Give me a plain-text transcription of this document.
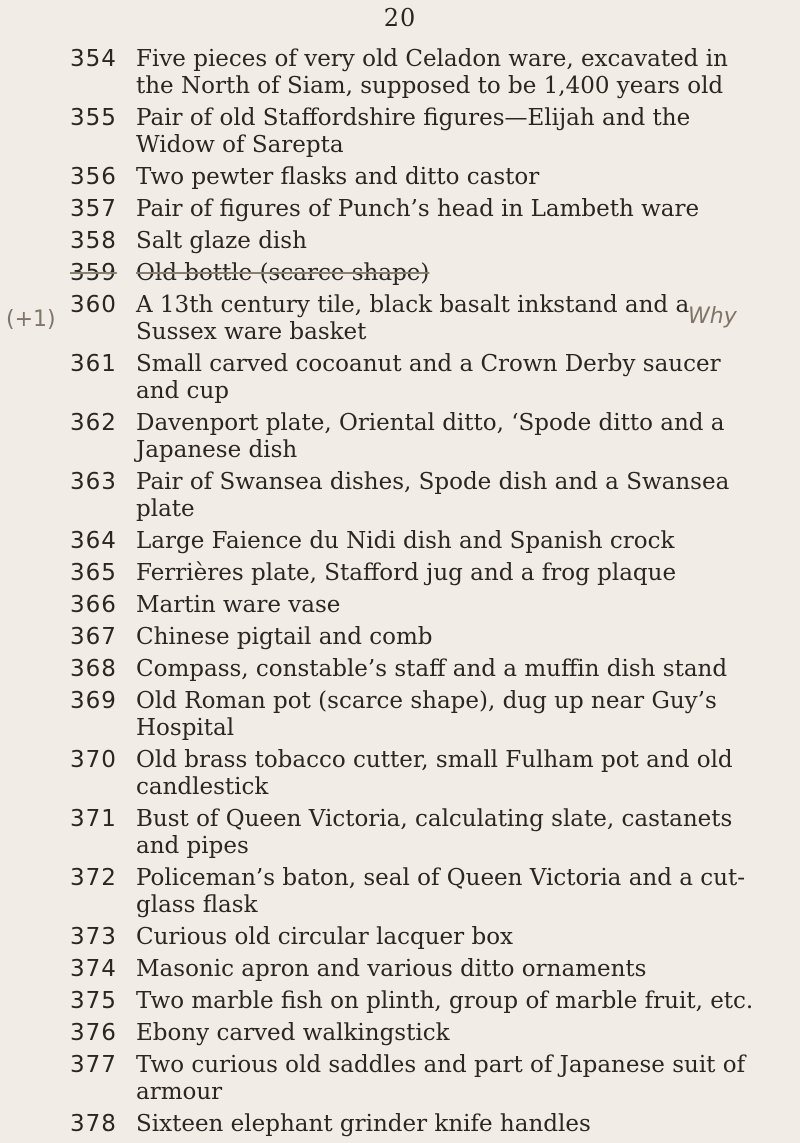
20
(+1)	Why
354 Five pieces of very old Celadon ware, excavated in the North of Siam, supposed to be 1,400 years old
355 Pair of old Staffordshire figures—Elijah and the Widow of Sarepta
356 Two pewter flasks and ditto castor
357 Pair of figures of Punch’s head in Lambeth ware
358 Salt glaze dish
359 Old bottle (scarce shape)
360 A 13th century tile, black basalt inkstand and a Sussex ware basket
361 Small carved cocoanut and a Crown Derby saucer and cup
362 Davenport plate, Oriental ditto, ‘Spode ditto and a Japanese dish
363 Pair of Swansea dishes, Spode dish and a Swansea plate
364 Large Faience du Nidi dish and Spanish crock
365 Ferrières plate, Stafford jug and a frog plaque
366 Martin ware vase
367 Chinese pigtail and comb
368 Compass, constable’s staff and a muffin dish stand
369 Old Roman pot (scarce shape), dug up near Guy’s Hospital
370 Old brass tobacco cutter, small Fulham pot and old candlestick
371 Bust of Queen Victoria, calculating slate, castanets and pipes
372 Policeman’s baton, seal of Queen Victoria and a cut-glass flask
373 Curious old circular lacquer box
374 Masonic apron and various ditto ornaments
375 Two marble fish on plinth, group of marble fruit, etc.
376 Ebony carved walkingstick
377 Two curious old saddles and part of Japanese suit of armour
378 Sixteen elephant grinder knife handles
